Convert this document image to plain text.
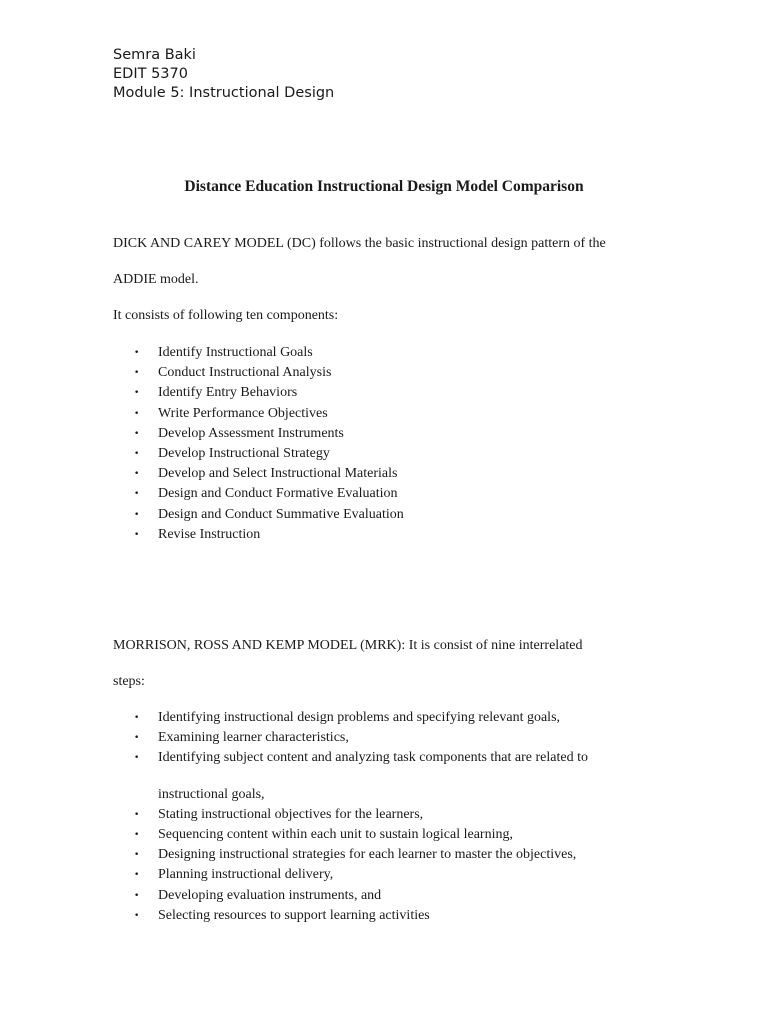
Semra Baki
EDIT 5370
Module 5: Instructional Design
Distance Education Instructional Design Model Comparison

DICK AND CAREY MODEL (DC) follows the basic instructional design pattern of the

ADDIE model.

It consists of following ten components:

• Identify Instructional Goals
• Conduct Instructional Analysis
• Identify Entry Behaviors
• Write Performance Objectives
• Develop Assessment Instruments
• Develop Instructional Strategy
• Develop and Select Instructional Materials
• Design and Conduct Formative Evaluation
• Design and Conduct Summative Evaluation
• Revise Instruction

MORRISON, ROSS AND KEMP MODEL (MRK): It is consist of nine interrelated

steps:

• Identifying instructional design problems and specifying relevant goals,
• Examining learner characteristics,
• Identifying subject content and analyzing task components that are related to
instructional goals,
• Stating instructional objectives for the learners,
• Sequencing content within each unit to sustain logical learning,
• Designing instructional strategies for each learner to master the objectives,
• Planning instructional delivery,
• Developing evaluation instruments, and
• Selecting resources to support learning activities
